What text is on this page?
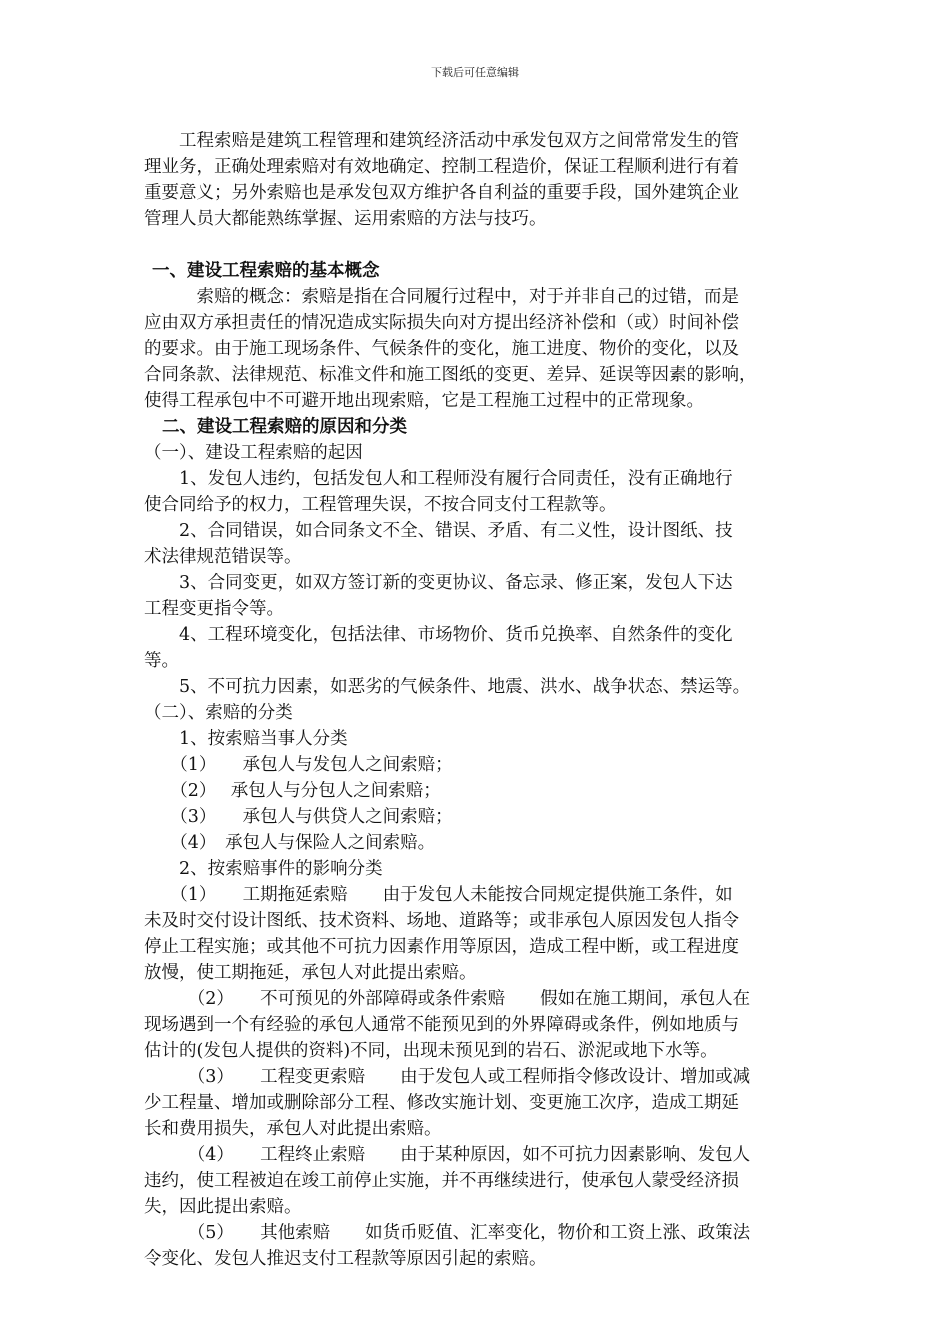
下载后可任意编辑

　　工程索赔是建筑工程管理和建筑经济活动中承发包双方之间常常发生的管

理业务，正确处理索赔对有效地确定、控制工程造价，保证工程顺利进行有着

重要意义；另外索赔也是承发包双方维护各自利益的重要手段，国外建筑企业

管理人员大都能熟练掌握、运用索赔的方法与技巧。

一、建设工程索赔的基本概念

　　　索赔的概念：索赔是指在合同履行过程中，对于并非自己的过错，而是

应由双方承担责任的情况造成实际损失向对方提出经济补偿和（或）时间补偿

的要求。由于施工现场条件、气候条件的变化，施工进度、物价的变化，以及

合同条款、法律规范、标准文件和施工图纸的变更、差异、延误等因素的影响，

使得工程承包中不可避开地出现索赔，它是工程施工过程中的正常现象。

二、建设工程索赔的原因和分类

（一）、建设工程索赔的起因

　　1、发包人违约，包括发包人和工程师没有履行合同责任，没有正确地行

使合同给予的权力，工程管理失误，不按合同支付工程款等。

　　2、合同错误，如合同条文不全、错误、矛盾、有二义性，设计图纸、技

术法律规范错误等。

　　3、合同变更，如双方签订新的变更协议、备忘录、修正案，发包人下达

工程变更指令等。

　　4、工程环境变化，包括法律、市场物价、货币兑换率、自然条件的变化

等。

　　5、不可抗力因素，如恶劣的气候条件、地震、洪水、战争状态、禁运等。

（二）、索赔的分类

　　1、按索赔当事人分类

　　（1）　　承包人与发包人之间索赔；

　　（2）　 承包人与分包人之间索赔；

　　（3）　　承包人与供贷人之间索赔；

　　（4）　承包人与保险人之间索赔。

　　2、按索赔事件的影响分类

　　（1）　　工期拖延索赔　　由于发包人未能按合同规定提供施工条件，如

未及时交付设计图纸、技术资料、场地、道路等；或非承包人原因发包人指令

停止工程实施；或其他不可抗力因素作用等原因，造成工程中断，或工程进度

放慢，使工期拖延，承包人对此提出索赔。

　　　（2）　　不可预见的外部障碍或条件索赔　　假如在施工期间，承包人在

现场遇到一个有经验的承包人通常不能预见到的外界障碍或条件，例如地质与

估计的(发包人提供的资料)不同，出现未预见到的岩石、淤泥或地下水等。

　　　（3）　　工程变更索赔　　由于发包人或工程师指令修改设计、增加或减

少工程量、增加或删除部分工程、修改实施计划、变更施工次序，造成工期延

长和费用损失，承包人对此提出索赔。

　　　（4）　　工程终止索赔　　由于某种原因，如不可抗力因素影响、发包人

违约，使工程被迫在竣工前停止实施，并不再继续进行，使承包人蒙受经济损

失，因此提出索赔。

　　　（5）　　其他索赔　　如货币贬值、汇率变化，物价和工资上涨、政策法

令变化、发包人推迟支付工程款等原因引起的索赔。
